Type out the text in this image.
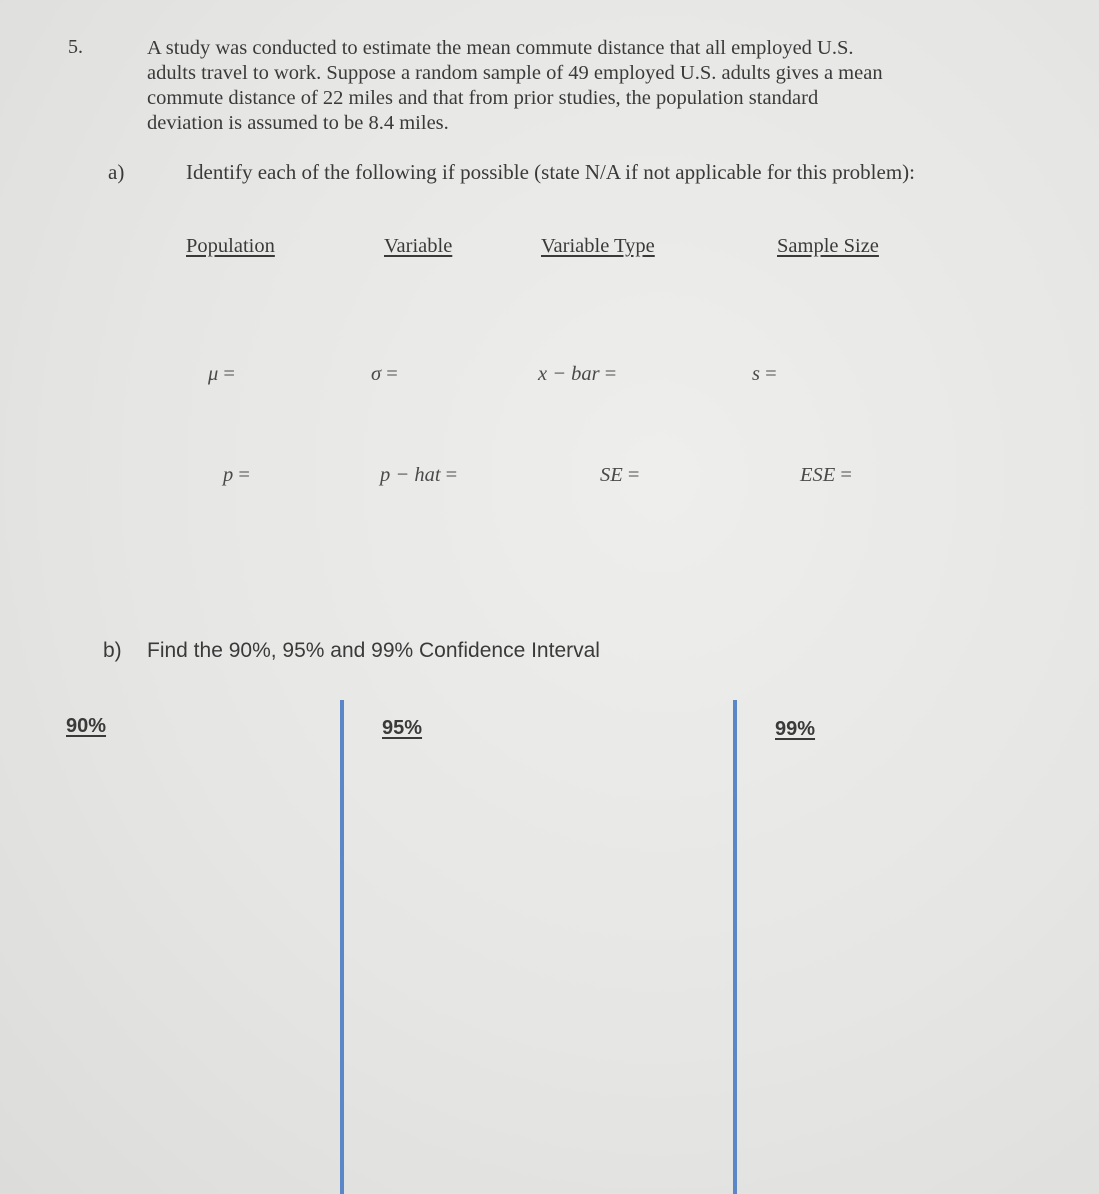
5.	A study was conducted to estimate the mean commute distance that all employed U.S.
adults travel to work. Suppose a random sample of 49 employed U.S. adults gives a mean
commute distance of 22 miles and that from prior studies, the population standard
deviation is assumed to be 8.4 miles.
a)	Identify each of the following if possible (state N/A if not applicable for this problem):
Population	Variable	Variable Type	Sample Size
μ =	σ =	x − bar =	s =
p =	p − hat =	SE =	ESE =
b) Find the 90%, 95% and 99% Confidence Interval
90%	95%	99%
